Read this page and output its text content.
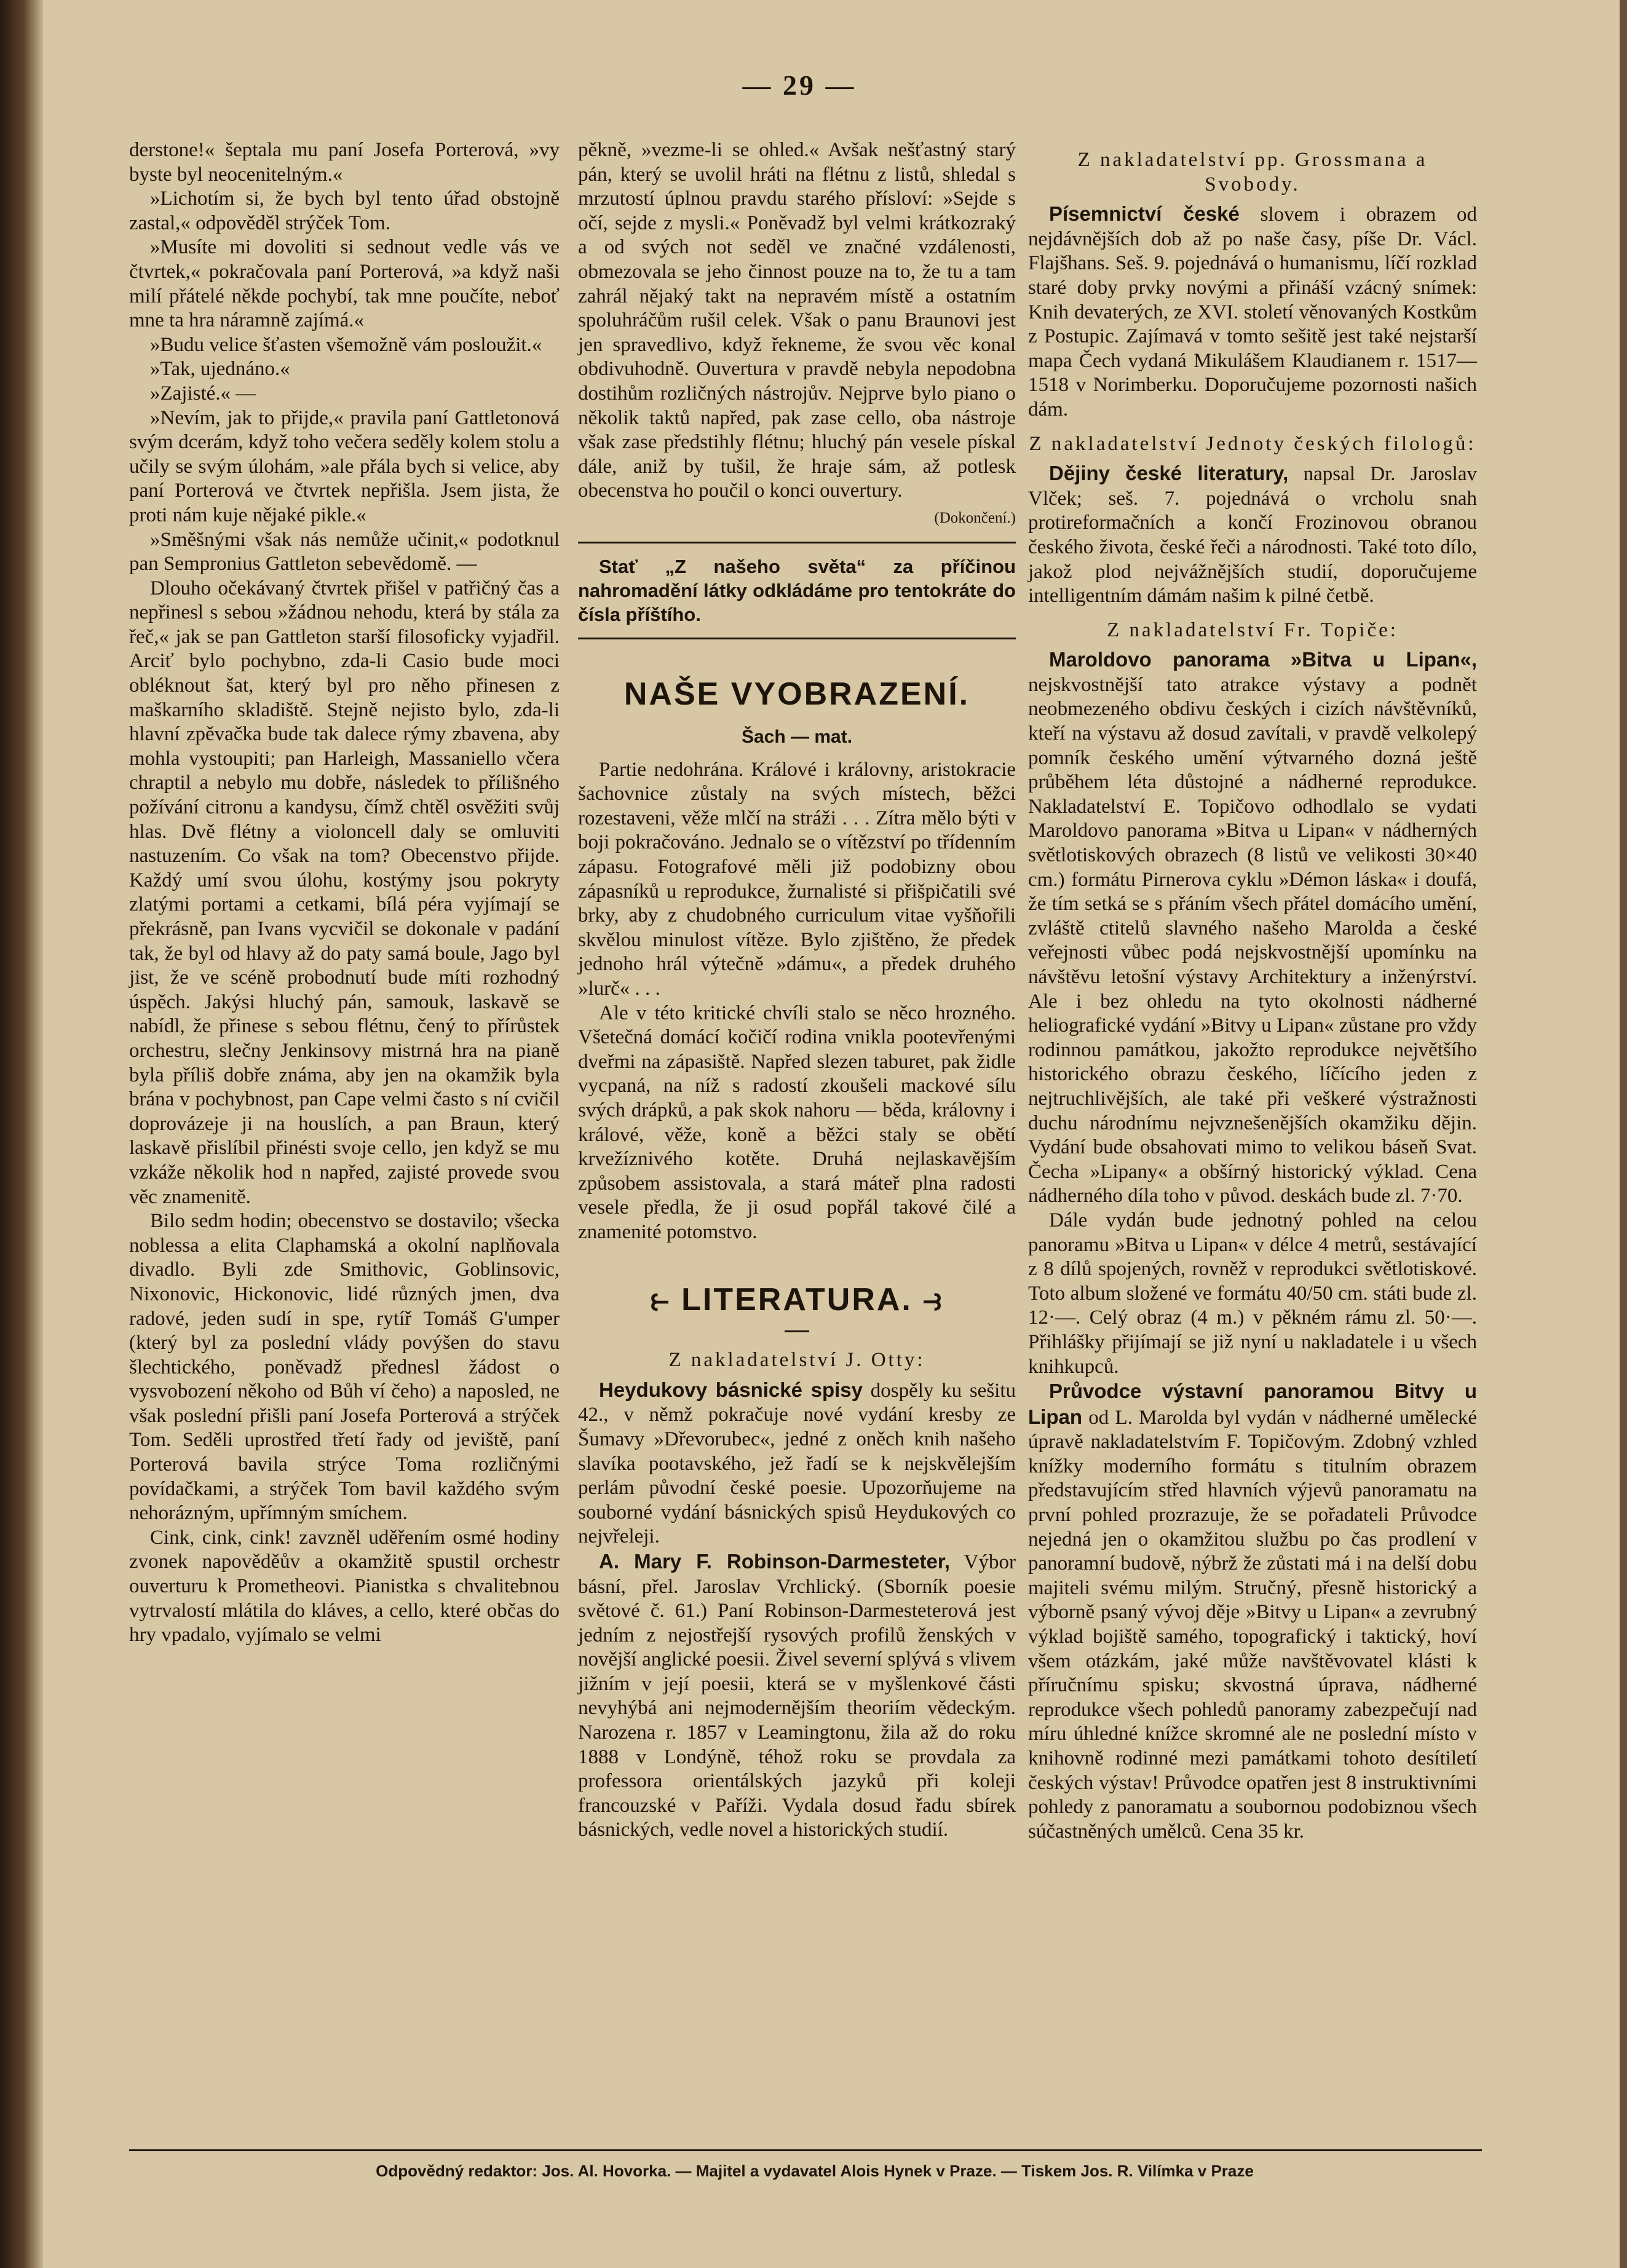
— 29 —

derstone!« šeptala mu paní Josefa Porterová, »vy byste byl neocenitelným.«

»Lichotím si, že bych byl tento úřad obstojně zastal,« odpověděl strýček Tom.

»Musíte mi dovoliti si sednout vedle vás ve čtvrtek,« pokračovala paní Porterová, »a když naši milí přátelé někde pochybí, tak mne poučíte, neboť mne ta hra náramně zajímá.«

»Budu velice šťasten všemožně vám posloužit.«

»Tak, ujednáno.«

»Zajisté.« —

»Nevím, jak to přijde,« pravila paní Gattletonová svým dcerám, když toho večera seděly kolem stolu a učily se svým úlohám, »ale přála bych si velice, aby paní Porterová ve čtvrtek nepřišla. Jsem jista, že proti nám kuje nějaké pikle.«

»Směšnými však nás nemůže učinit,« podotknul pan Sempronius Gattleton sebevědomě. —

Dlouho očekávaný čtvrtek přišel v patřičný čas a nepřinesl s sebou »žádnou nehodu, která by stála za řeč,« jak se pan Gattleton starší filosoficky vyjadřil. Arciť bylo pochybno, zda-li Casio bude moci obléknout šat, který byl pro něho přinesen z maškarního skladiště. Stejně nejisto bylo, zda-li hlavní zpěvačka bude tak dalece rýmy zbavena, aby mohla vystoupiti; pan Harleigh, Massaniello včera chraptil a nebylo mu dobře, následek to přílišného požívání citronu a kandysu, čímž chtěl osvěžiti svůj hlas. Dvě flétny a violoncell daly se omluviti nastuzením. Co však na tom? Obecenstvo přijde. Každý umí svou úlohu, kostýmy jsou pokryty zlatými portami a cetkami, bílá péra vyjímají se překrásně, pan Ivans vycvičil se dokonale v padání tak, že byl od hlavy až do paty samá boule, Jago byl jist, že ve scéně probodnutí bude míti rozhodný úspěch. Jakýsi hluchý pán, samouk, laskavě se nabídl, že přinese s sebou flétnu, čený to přírůstek orchestru, slečny Jenkinsovy mistrná hra na pianě byla příliš dobře známa, aby jen na okamžik byla brána v pochybnost, pan Cape velmi často s ní cvičil doprovázeje ji na houslích, a pan Braun, který laskavě přislíbil přinésti svoje cello, jen když se mu vzkáže několik hod n napřed, zajisté provede svou věc znamenitě.

Bilo sedm hodin; obecenstvo se dostavilo; všecka noblessa a elita Claphamská a okolní naplňovala divadlo. Byli zde Smithovic, Goblinsovic, Nixonovic, Hickonovic, lidé různých jmen, dva radové, jeden sudí in spe, rytíř Tomáš G'umper (který byl za poslední vlády povýšen do stavu šlechtického, poněvadž přednesl žádost o vysvobození někoho od Bůh ví čeho) a naposled, ne však poslední přišli paní Josefa Porterová a strýček Tom. Seděli uprostřed třetí řady od jeviště, paní Porterová bavila strýce Toma rozličnými povídačkami, a strýček Tom bavil každého svým nehorázným, upřímným smíchem.

Cink, cink, cink! zavzněl uděřením osmé hodiny zvonek napověděův a okamžitě spustil orchestr ouverturu k Prometheovi. Pianistka s chvalitebnou vytrvalostí mlátila do kláves, a cello, které občas do hry vpadalo, vyjímalo se velmi

pěkně, »vezme-li se ohled.« Avšak nešťastný starý pán, který se uvolil hráti na flétnu z listů, shledal s mrzutostí úplnou pravdu starého přísloví: »Sejde s očí, sejde z mysli.« Poněvadž byl velmi krátkozraký a od svých not seděl ve značné vzdálenosti, obmezovala se jeho činnost pouze na to, že tu a tam zahrál nějaký takt na nepravém místě a ostatním spoluhráčům rušil celek. Však o panu Braunovi jest jen spravedlivo, když řekneme, že svou věc konal obdivuhodně. Ouvertura v pravdě nebyla nepodobna dostihům rozličných nástrojův. Nejprve bylo piano o několik taktů napřed, pak zase cello, oba nástroje však zase předstihly flétnu; hluchý pán vesele pískal dále, aniž by tušil, že hraje sám, až potlesk obecenstva ho poučil o konci ouvertury.

(Dokončení.)
Stať „Z našeho světa“ za příčinou nahromadění látky odkládáme pro tentokráte do čísla příštího.
NAŠE VYOBRAZENÍ.
Šach — mat.

Partie nedohrána. Králové i královny, aristokracie šachovnice zůstaly na svých místech, běžci rozestaveni, věže mlčí na stráži . . . Zítra mělo býti v boji pokračováno. Jednalo se o vítězství po třídenním zápasu. Fotografové měli již podobizny obou zápasníků u reprodukce, žurnalisté si přišpičatili své brky, aby z chudobného curriculum vitae vyšňořili skvělou minulost vítěze. Bylo zjištěno, že předek jednoho hrál výtečně »dámu«, a předek druhého »lurč« . . .

Ale v této kritické chvíli stalo se něco hrozného. Všetečná domácí kočičí rodina vnikla pootevřenými dveřmi na zápasiště. Napřed slezen taburet, pak židle vycpaná, na níž s radostí zkoušeli mackové sílu svých drápků, a pak skok nahoru — běda, královny i králové, věže, koně a běžci staly se obětí krvežíznivého kotěte. Druhá nejlaskavějším způsobem assistovala, a stará máteř plna radosti vesele předla, že ji osud popřál takové čilé a znamenité potomstvo.

⥼ LITERATURA. ⥽

Z nakladatelství J. Otty:

Heydukovy básnické spisy dospěly ku sešitu 42., v němž pokračuje nové vydání kresby ze Šumavy »Dřevorubec«, jedné z oněch knih našeho slavíka pootavského, jež řadí se k nejskvělejším perlám původní české poesie. Upozorňujeme na souborné vydání básnických spisů Heydukových co nejvřeleji.

A. Mary F. Robinson-Darmesteter, Výbor básní, přel. Jaroslav Vrchlický. (Sborník poesie světové č. 61.) Paní Robinson-Darmesteterová jest jedním z nejostřejší rysových profilů ženských v novější anglické poesii. Živel severní splývá s vlivem jižním v její poesii, která se v myšlenkové části nevyhýbá ani nejmodernějším theoriím vědeckým. Narozena r. 1857 v Leamingtonu, žila až do roku 1888 v Londýně, téhož roku se provdala za professora orientálských jazyků při koleji francouzské v Paříži. Vydala dosud řadu sbírek básnických, vedle novel a historických studií.

Z nakladatelství pp. Grossmana a Svobody.

Písemnictví české slovem i obrazem od nejdávnějších dob až po naše časy, píše Dr. Václ. Flajšhans. Seš. 9. pojednává o humanismu, líčí rozklad staré doby prvky novými a přináší vzácný snímek: Knih devaterých, ze XVI. století věnovaných Kostkům z Postupic. Zajímavá v tomto sešitě jest také nejstarší mapa Čech vydaná Mikulášem Klaudianem r. 1517—1518 v Norimberku. Doporučujeme pozornosti našich dám.

Z nakladatelství Jednoty českých filologů:

Dějiny české literatury, napsal Dr. Jaroslav Vlček; seš. 7. pojednává o vrcholu snah protireformačních a končí Frozinovou obranou českého života, české řeči a národnosti. Také toto dílo, jakož plod nejvážnějších studií, doporučujeme intelligentním dámám našim k pilné četbě.

Z nakladatelství Fr. Topiče:

Maroldovo panorama »Bitva u Lipan«, nejskvostnější tato atrakce výstavy a podnět neobmezeného obdivu českých i cizích návštěvníků, kteří na výstavu až dosud zavítali, v pravdě velkolepý pomník českého umění výtvarného dozná ještě průběhem léta důstojné a nádherné reprodukce. Nakladatelství E. Topičovo odhodlalo se vydati Maroldovo panorama »Bitva u Lipan« v nádherných světlotiskových obrazech (8 listů ve velikosti 30×40 cm.) formátu Pirnerova cyklu »Démon láska« i doufá, že tím setká se s přáním všech přátel domácího umění, zvláště ctitelů slavného našeho Marolda a české veřejnosti vůbec podá nejskvostnější upomínku na návštěvu letošní výstavy Architektury a inženýrství. Ale i bez ohledu na tyto okolnosti nádherné heliografické vydání »Bitvy u Lipan« zůstane pro vždy rodinnou památkou, jakožto reprodukce největšího historického obrazu českého, líčícího jeden z nejtruchlivějších, ale také při veškeré výstražnosti duchu národnímu nejvznešenějších okamžiku dějin. Vydání bude obsahovati mimo to velikou báseň Svat. Čecha »Lipany« a obšírný historický výklad. Cena nádherného díla toho v původ. deskách bude zl. 7·70.

Dále vydán bude jednotný pohled na celou panoramu »Bitva u Lipan« v délce 4 metrů, sestávající z 8 dílů spojených, rovněž v reprodukci světlotiskové. Toto album složené ve formátu 40/50 cm. státi bude zl. 12·—. Celý obraz (4 m.) v pěkném rámu zl. 50·—. Přihlášky přijímají se již nyní u nakladatele i u všech knihkupců.

Průvodce výstavní panoramou Bitvy u Lipan od L. Marolda byl vydán v nádherné umělecké úpravě nakladatelstvím F. Topičovým. Zdobný vzhled knížky moderního formátu s titulním obrazem představujícím střed hlavních výjevů panoramatu na první pohled prozrazuje, že se pořadateli Průvodce nejedná jen o okamžitou službu po čas prodlení v panoramní budově, nýbrž že zůstati má i na delší dobu majiteli svému milým. Stručný, přesně historický a výborně psaný vývoj děje »Bitvy u Lipan« a zevrubný výklad bojiště samého, topografický i taktický, hoví všem otázkám, jaké může navštěvovatel klásti k příručnímu spisku; skvostná úprava, nádherné reprodukce všech pohledů panoramy zabezpečují nad míru úhledné knížce skromné ale ne poslední místo v knihovně rodinné mezi památkami tohoto desítiletí českých výstav! Průvodce opatřen jest 8 instruktivními pohledy z panoramatu a soubornou podobiznou všech súčastněných umělců. Cena 35 kr.

Odpovědný redaktor: Jos. Al. Hovorka. — Majitel a vydavatel Alois Hynek v Praze. — Tiskem Jos. R. Vilímka v Praze
